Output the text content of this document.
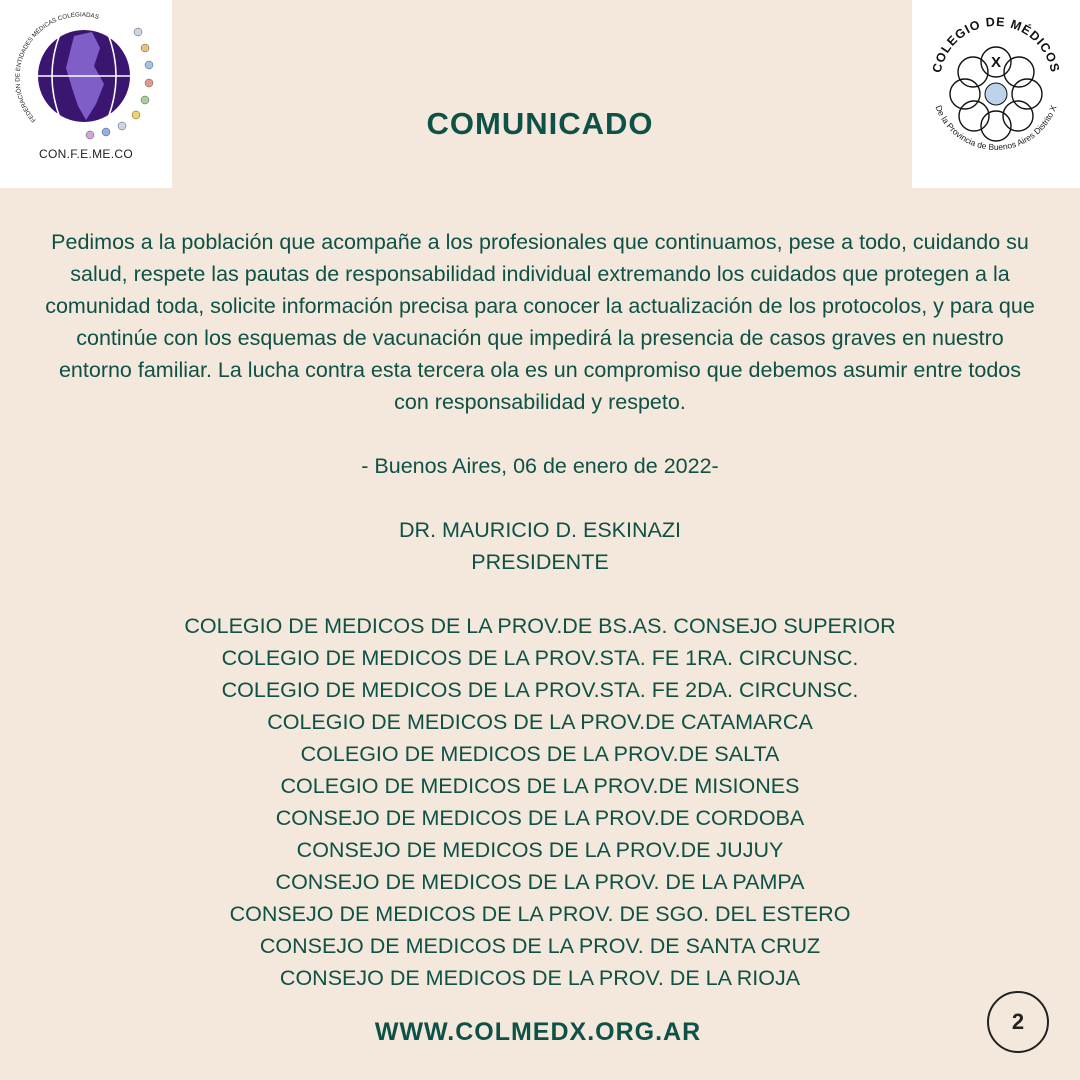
FEDERACIÓN DE ENTIDADES MÉDICAS COLEGIADAS
CON.F.E.ME.CO
COLEGIO DE MÉDICOS
De la Provincia de Buenos Aires Distrito X
X
COMUNICADO

Pedimos a la población que acompañe a los profesionales que continuamos, pese a todo, cuidando su salud, respete las pautas de responsabilidad individual extremando los cuidados que protegen a la comunidad toda, solicite información precisa para conocer la actualización de los protocolos, y para que continúe con los esquemas de vacunación que impedirá la presencia de casos graves en nuestro entorno familiar. La lucha contra esta tercera ola es un compromiso que debemos asumir entre todos con responsabilidad y respeto.

- Buenos Aires, 06 de enero de 2022-
DR. MAURICIO D. ESKINAZI
PRESIDENTE
COLEGIO DE MEDICOS DE LA PROV.DE BS.AS. CONSEJO SUPERIOR
COLEGIO DE MEDICOS DE LA PROV.STA. FE 1RA. CIRCUNSC.
COLEGIO DE MEDICOS DE LA PROV.STA. FE 2DA. CIRCUNSC.
COLEGIO DE MEDICOS DE LA PROV.DE CATAMARCA
COLEGIO DE MEDICOS DE LA PROV.DE SALTA
COLEGIO DE MEDICOS DE LA PROV.DE MISIONES
CONSEJO DE MEDICOS DE LA PROV.DE CORDOBA
CONSEJO DE MEDICOS DE LA PROV.DE JUJUY
CONSEJO DE MEDICOS DE LA PROV. DE LA PAMPA
CONSEJO DE MEDICOS DE LA PROV. DE SGO. DEL ESTERO
CONSEJO DE MEDICOS DE LA PROV. DE SANTA CRUZ
CONSEJO DE MEDICOS DE LA PROV. DE LA RIOJA
WWW.COLMEDX.ORG.AR	2
